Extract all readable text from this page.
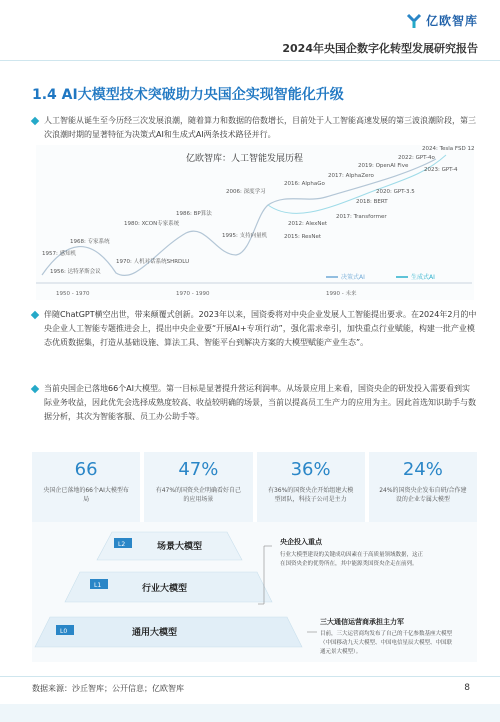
亿欧智库
2024年央国企数字化转型发展研究报告
1.4 AI大模型技术突破助力央国企实现智能化升级
人工智能从诞生至今历经三次发展浪潮，随着算力和数据的倍数增长，目前处于人工智能高速发展的第三波浪潮阶段，第三次浪潮时期的显著特征为决策式AI和生成式AI两条技术路径并行。
亿欧智库：人工智能发展历程
1956: 达特茅斯会议
1957: 感知机
1968: 专家系统
1970: 人机对话系统SHRDLU
1980: XCON专家系统
1986: BP算法
1995: 支持向量机
2006: 深度学习
2012: AlexNet
2015: ResNet
2016: AlphaGo
2017: Transformer
2017: AlphaZero
2018: BERT
2019: OpenAI Five
2020: GPT-3.5
2022: GPT-4o
2023: GPT-4
2024: Tesla FSD 12
1950 - 1970	1970 - 1990	1990 - 未来
决策式AI	生成式AI
伴随ChatGPT横空出世，带来颠覆式创新。2023年以来，国资委将对中央企业发展人工智能提出要求。在2024年2月的中央企业人工智能专题推进会上，提出中央企业要“开展AI+专项行动”，强化需求牵引，加快重点行业赋能，构建一批产业模态优质数据集，打造从基础设施、算法工具、智能平台到解决方案的大模型赋能产业生态”。
当前央国企已落地66个AI大模型。第一目标是显著提升营运利润率。从场景应用上来看，国资央企的研发投入需要看到实际业务收益，因此优先会选择成熟度较高、收益较明确的场景，当前以提高员工生产力的应用为主。因此首选知识助手与数据分析，其次为智能客服、员工办公助手等。
66
央国企已落地的66个AI大模型布局
47%
有47%的国资央企明确看好自己的应用场景
36%
有36%的国资央企开始组建大模型团队，科技子公司是主力
24%
24%的国资央企发布自研/合作建设的企业专属大模型
L2	场景大模型
L1	行业大模型
L0	通用大模型
央企投入重点
行业大模型建设的关键成功因素在于高质量领域数据，这正
在国资央企的优势所在，其中能源类国资央企走在前列。
三大通信运营商承担主力军
目前，三大运营商均发布了自己的千亿参数基座大模型
（中国移动九天大模型、中国电信星辰大模型、中国联
通元景大模型）。
数据来源：沙丘智库；公开信息；亿欧智库	8
